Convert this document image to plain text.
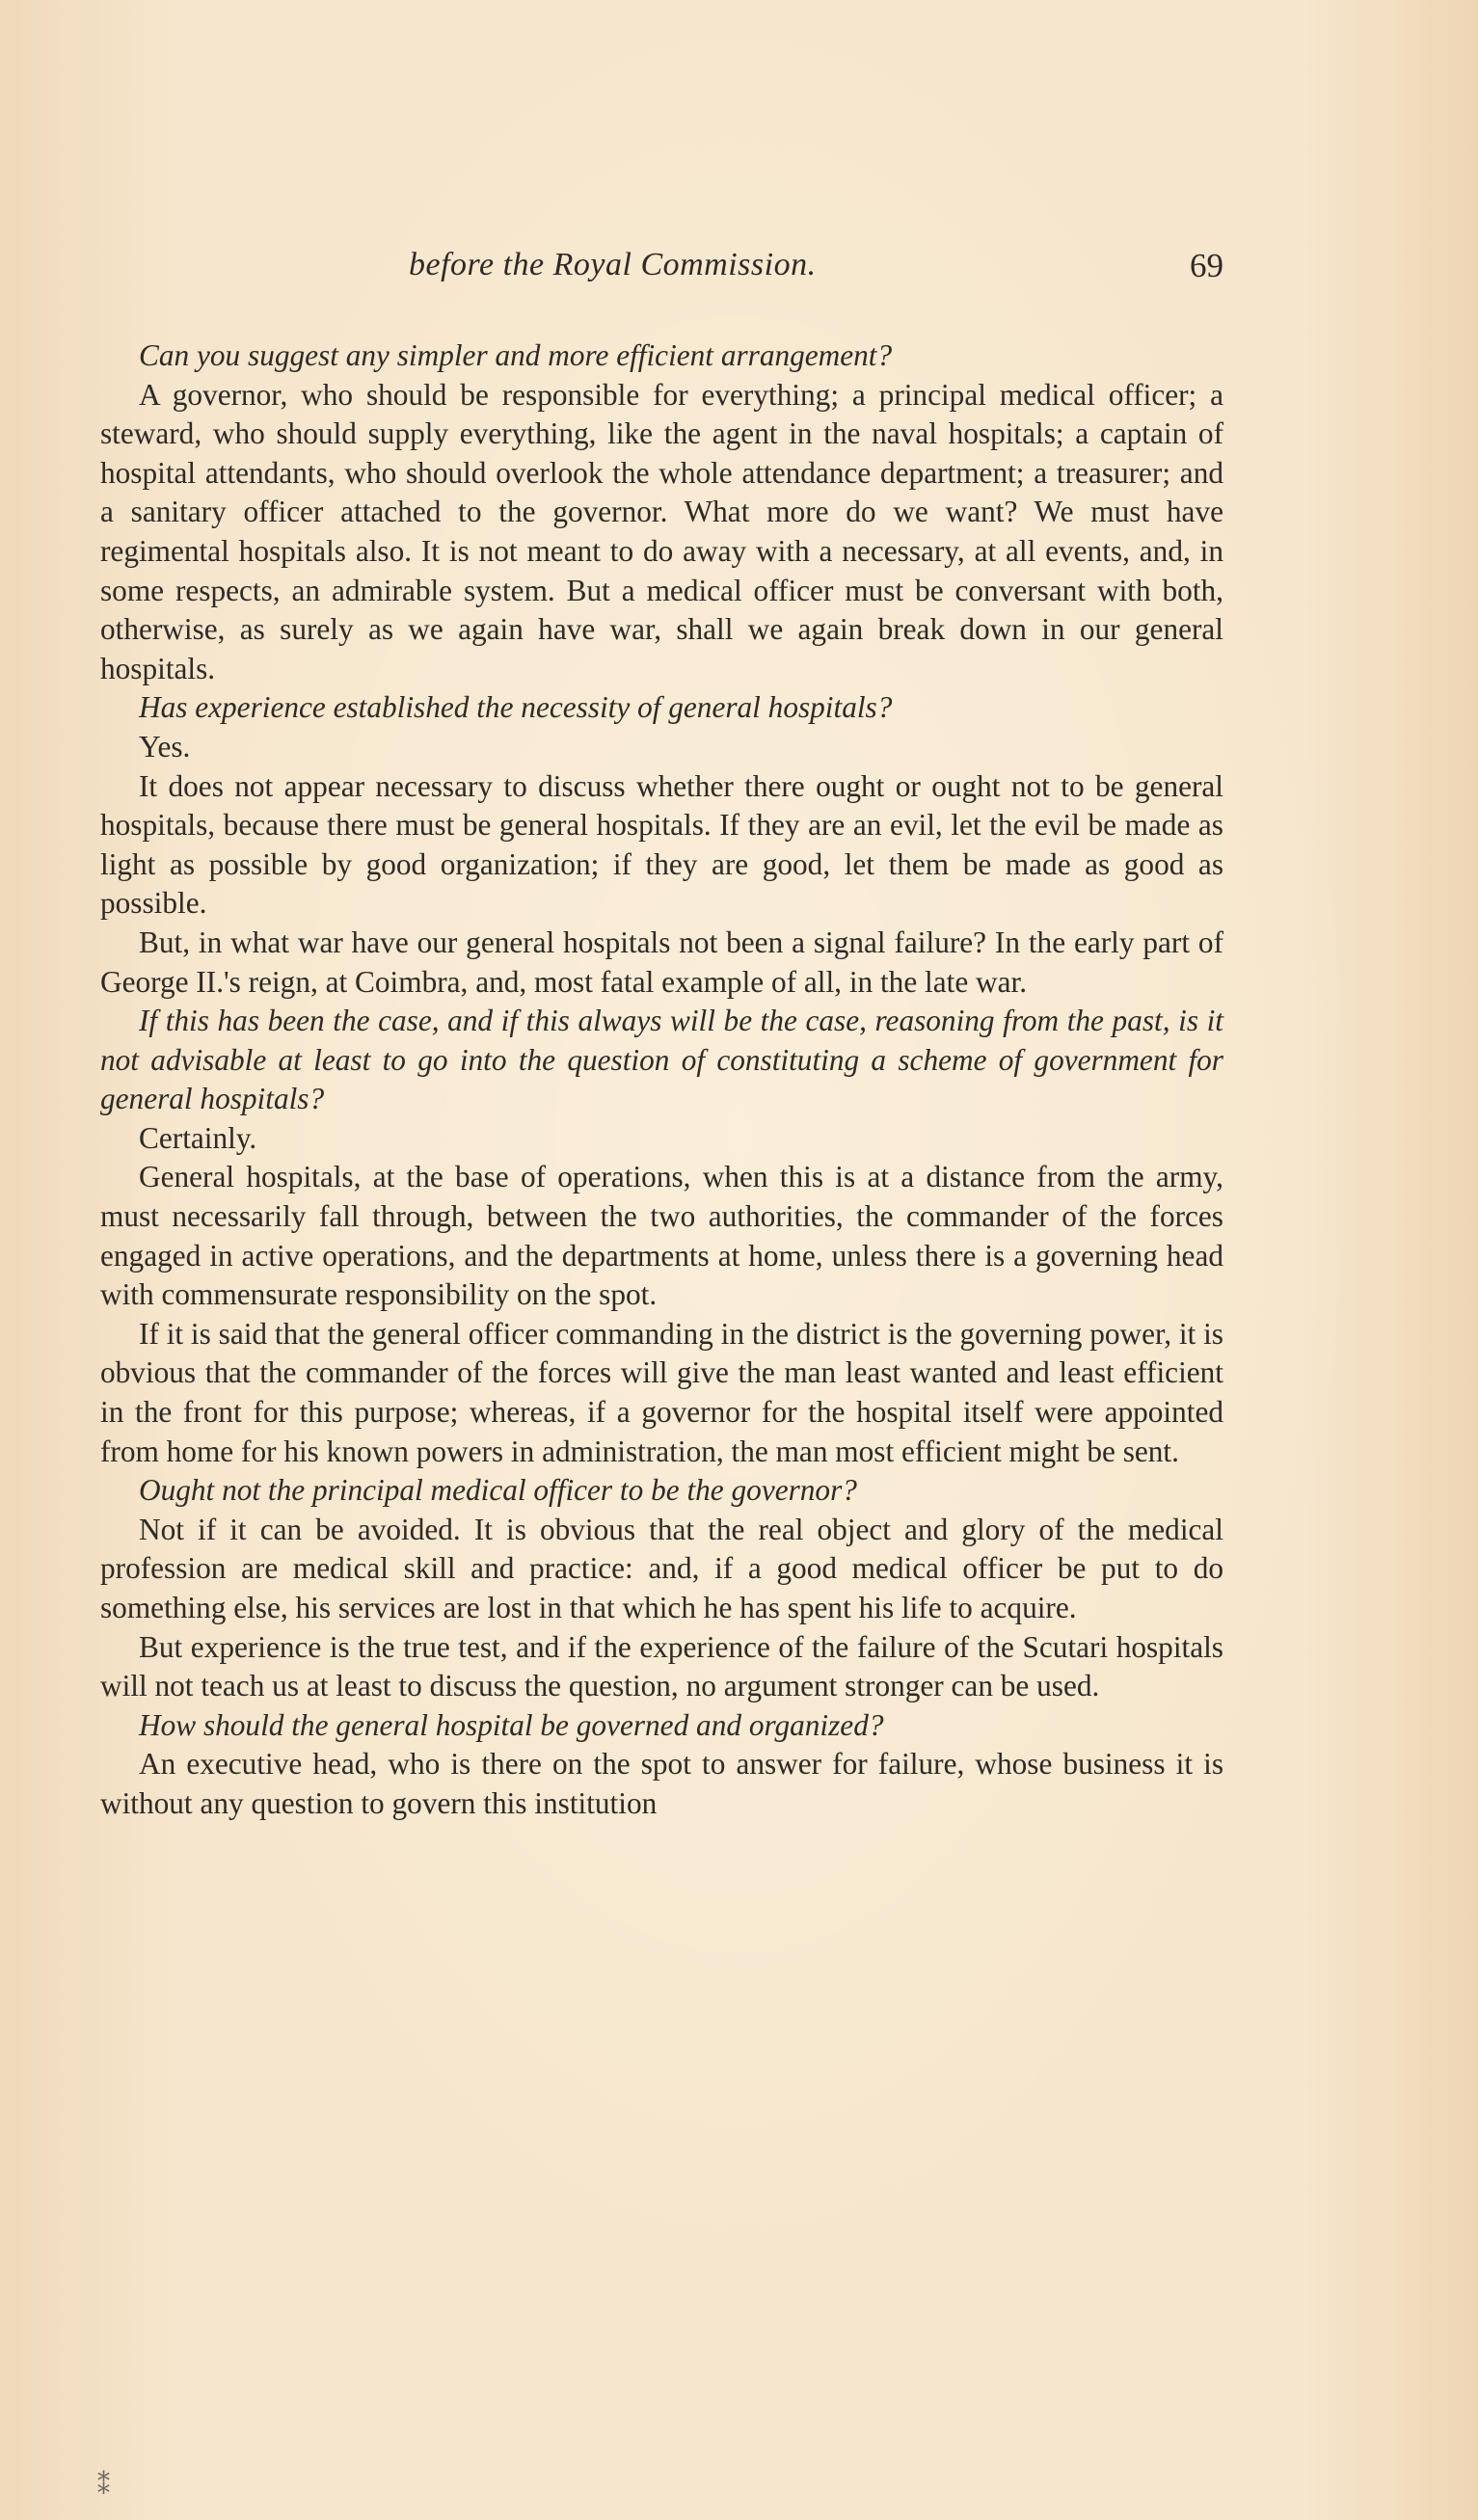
before the Royal Commission.	69

Can you suggest any simpler and more efficient arrangement?

A governor, who should be responsible for everything; a principal medical officer; a steward, who should supply everything, like the agent in the naval hospitals; a captain of hospital attendants, who should overlook the whole attendance department; a treasurer; and a sanitary officer attached to the governor. What more do we want? We must have regimental hospitals also. It is not meant to do away with a necessary, at all events, and, in some respects, an admirable system. But a medical officer must be conversant with both, otherwise, as surely as we again have war, shall we again break down in our general hospitals.

Has experience established the necessity of general hospitals?

Yes.

It does not appear necessary to discuss whether there ought or ought not to be general hospitals, because there must be general hospitals. If they are an evil, let the evil be made as light as possible by good organization; if they are good, let them be made as good as possible.

But, in what war have our general hospitals not been a signal failure? In the early part of George II.'s reign, at Coimbra, and, most fatal example of all, in the late war.

If this has been the case, and if this always will be the case, reasoning from the past, is it not advisable at least to go into the question of constituting a scheme of government for general hospitals?

Certainly.

General hospitals, at the base of operations, when this is at a distance from the army, must necessarily fall through, between the two authorities, the commander of the forces engaged in active operations, and the departments at home, unless there is a governing head with commensurate responsibility on the spot.

If it is said that the general officer commanding in the district is the governing power, it is obvious that the commander of the forces will give the man least wanted and least efficient in the front for this purpose; whereas, if a governor for the hospital itself were appointed from home for his known powers in administration, the man most efficient might be sent.

Ought not the principal medical officer to be the governor?

Not if it can be avoided. It is obvious that the real object and glory of the medical profession are medical skill and practice: and, if a good medical officer be put to do something else, his services are lost in that which he has spent his life to acquire.

But experience is the true test, and if the experience of the failure of the Scutari hospitals will not teach us at least to discuss the question, no argument stronger can be used.

How should the general hospital be governed and organized?

An executive head, who is there on the spot to answer for failure, whose business it is without any question to govern this institution

⁑
